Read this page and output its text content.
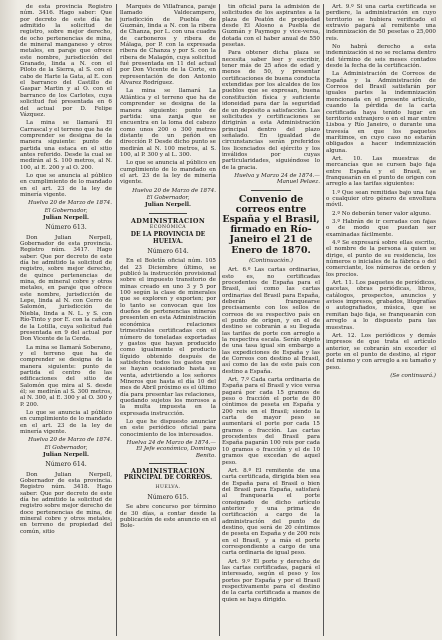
de esta provincia Registro núm. 3416. Hago saber: Que por decreto de este día he admitido la solicitud de registro, sobre mejor derecho, de ocho pertenencias de mina, de mineral manganeso y otros metales, en paraje que ofrece este nombre, jurisdicción del Granado, linda a N. con el Piloto de la Sierra, al S. con el cabo de Harte la Gata, al E. con el barranco del Castillo de Gaspar Martin y al O. con el barranco de los Carlotes, cuya solicitud fué presentada en 6 del actual por D. Felipe Vázquez.

La mina se llamará El Carrascal y el terreno que ha de comprender se designa de la manera siguiente: punto de partida una estaca en el sitio antes referido. Desde la cual se medirán al S. 100 metros, al N. 100, al E. 200 y al O. 200.

Lo que se anuncia al público en cumplimiento de lo mandado en el art. 23 de la ley de minería vigente.

Huelva 20 de Marzo de 1874.

El Gobernador,

Julian Nerpell.

Número 613.

Don Julian Nerpell, Gobernador de esta provincia. Registro núm. 3417. Hago saber: Que por decreto de este día he admitido la solicitud de registro, sobre mejor derecho, de quince pertenencias de mina, de mineral cobre y otros metales, en paraje que ofrece este nombre, jurisdicción de Lepe, linda al N. con Cerro de Salomón, jurisdicción de Niebla, linda a N. L. y S. con Río-Tinto y por E. con la cañada de la Lotilla, cuya solicitud fué presentada en 9 del actual por Don Vicente de la Cerda.

La mina se llamará Soberano, y el terreno que ha de comprender se designa de la manera siguiente: punto de partida el centro de las edificaciones del sitio de Salomón que mira al S. desde él; se medirán al S. 300 metros, al N. 300, al E. 300 y al O. 300 y P. 200.

Lo que se anuncia al público en cumplimiento de lo mandado en el art. 23 de la ley de minería vigente.

Huelva 20 de Marzo de 1874.

El Gobernador,

Julian Nerpell.

Número 614.

Don Julian Nerpell, Gobernador de esta provincia. Registro núm. 3418. Hago saber: Que por decreto de este día he admitido la solicitud de registro sobre mejor derecho de doce pertenencias de mina, de mineral cobre y otros metales, en terreno de propiedad del común, sitio

Marqués de Villafranca, paraje llamado Valdecampero, jurisdicción de Puebla de Guzmán, linda a N. con la ribera de Chanza, por L. con una cuadra de carboneros y ribera de Málaga, por P. con la expresada ribera de Chanza y por S. con la ribera de Malagón, cuya solicitud fué presentada en 11 del actual por Don Vicente de la Corte, en representación de don Antonio Álvarez Rodríguez.

La mina se llamará La Atlántica y el terreno que ha de comprender se designa de la manera siguiente: punto de partida: una zanja que se encuentra en la loma del cabezo como unos 200 o 300 metros distante de un peñón en dirección P. Desde dicho punto se medirán al N. 100 metros, al S. 100, al P. 300 y al L. 300.

Lo que se anuncia al público en cumplimiento de lo mandado en el art. 23 de la ley de minería vigente.

Huelva 20 de Marzo de 1874.

El Gobernador,

Julian Nerpell.

ADMINISTRACION

ECONÓMICA

DE LA PROVINCIA DE HUELVA.

Número 614.

En el Boletín oficial núm. 105 del 23 Diciembre último, se publicó la instrucción provisional sobre el impuesto transitorio de minas creado en uno 3 y 5 por 100 según la clase de minerales que se exploren y exporten; por lo tanto se convocan que los dueños de pertenencias mineras presenten en esta Administración económica relaciones trimestrales certificadas con el número de toneladas exportadas y gastos que hayan producido como igualmente el producto líquido obtenido después de satisfechos todos los gastos que se hayan ocasionado hasta su venta, advirtiendo a los señores Mineros que hasta el día 10 del mes de Abril próximo es el último día para presentar las relaciones, quedando sujetos los morosos a la multa impuesta en la expresada instrucción.

Lo que he dispuesto anunciar en este periódico oficial para conocimiento de los interesados.

Huelva 24 de Marzo de 1874.— El Jefe económico, Domingo Benito.

ADMINISTRACION

PRINCIPAL DE CORREOS.

HUELVA.

Número 615.

Se abre concurso por término de 30 días, a contar desde la publicación de este anuncio en el Bole-

tín oficial para la admisión de solicitudes de los aspirantes a la plaza de Peatón de propiedad desde El Alosno a Puebla de Guzmán y Paymogo y vice-versa, dotada con el haber anual de 550 pesetas.

Para obtener dicha plaza se necesita saber leer y escribir, tener más de 25 años de edad y menos de 50, y presentar certificaciones de buena conducta extendidas por los alcaldes de los pueblos que se expresan, buena constitución física y suficiente idoneidad para dar la seguridad de un depósito a satisfacción. Las solicitudes y certificaciones se dirigirán a esta Administración principal dentro del plazo señalado. En igualdad de circunstancias serán preferidos los licenciados del ejército y los inválidos por cuyas particularidades, siguiéndose lo de la gracia.

Huelva y Marzo 24 de 1874.— Manuel Pelaez.

Convenio de correos entre España y el Brasil, firmado en Río-Janeiro el 21 de Enero de 1870.

(Continuación.)

Art. 6.º Las cartas ordinarias, esto es, no certificadas procedentes de España para el Brasil, así como las cartas ordinarias del Brasil para España, deberán franquearse precisamente con los sellos de correos de su respectivo país en el punto de origen, y en el de destino se cobrarán a su llegada las tarifas de porte con arreglo a la respectiva escala. Serán objeto de una tasa igual sin embargo a las expediciones de España y las de Correos con destino al Brasil, así como de las de este país con destino a España.

Art. 7.º Cada carta ordinaria de España para el Brasil y vice versa pagará por cada 15 gramos de peso o fracción el porte de 80 céntimos de peseta en España y 200 reis en el Brasil; siendo la carta de mayor peso se aumentará el porte por cada 15 gramos o fracción. Las cartas procedentes del Brasil para España pagarán 100 reis por cada 10 gramos o fracción y el de 10 gramos que excedan de aquel peso.

Art. 8.º El remitente de una carta certificada, dirigida bien sea de España para el Brasil o bien del Brasil para España, satisfará al franquearla el porte consignado de dicho artículo anterior y una prima de certificación a cargo de la administración del punto de destino, que será de 20 céntimos de peseta en España y de 200 reis en el Brasil, y a más el porte correspondiente a cargo de una carta ordinaria de igual peso.

Art. 9.º El porte y derecho de las cartas certificadas, pagará el interesado, según el peso y los portes por España y por el Brasil respectivamente para el destino de la carta certificada a manos de quien se haya dirigido.

Art. 9.º Si una carta certificada se perdiere, la administración en cuyo territorio se hubiera verificado el extravío pagará al remitente una indemnización de 50 pesetas o 25,000 reis.

No habrá derecho a esta indemnización si no se reclama dentro del término de seis meses contados desde la fecha de la certificación.

La Administración de Correos de España y la Administración de Correos del Brasil satisfarán por iguales partes la indemnización mencionada en el presente artículo, cuando la pérdida de la carta certificada haya tenido lugar en territorio extranjero o en el mar entre Lisboa y Río Janeiro, o durante una travesía en que los paquetes marítimos, en cuyo caso no estarán obligados a hacer indemnización alguna.

Art. 10. Las muestras de mercancías que se cursen bajo faja entre España y el Brasil, se franquearán en el punto de origen con arreglo a las tarifas siguientes:

1.º Que sean remitidas bajo una faja o cualquier otro género de envoltura móvil.

2.º No deberán tener valor alguno.

3.º Habrán de ir cerradas con fajas o de modo que puedan ser examinadas fácilmente.

4.º Se expresará sobre ellas escrito, el nombre de la persona a quien se dirige, el punto de su residencia, los números o iniciales de la fábrica o del comerciante, los números de orden y los precios.

Art. 11. Los paquetes de periódicos, gacetas, obras periódicas, libros, catálogos, prospectos, anuncios y avisos impresos, grabados, litografías o autografiados, música, que se remitan bajo faja, se franquearán con arreglo a lo dispuesto para las muestras.

Art. 12. Los periódicos y demás impresos de que trata el artículo anterior, se cobrarán sin exceder el porte en el punto de destino, al rigor del mismo y con arreglo a su tamaño y peso.

(Se continuará.)
